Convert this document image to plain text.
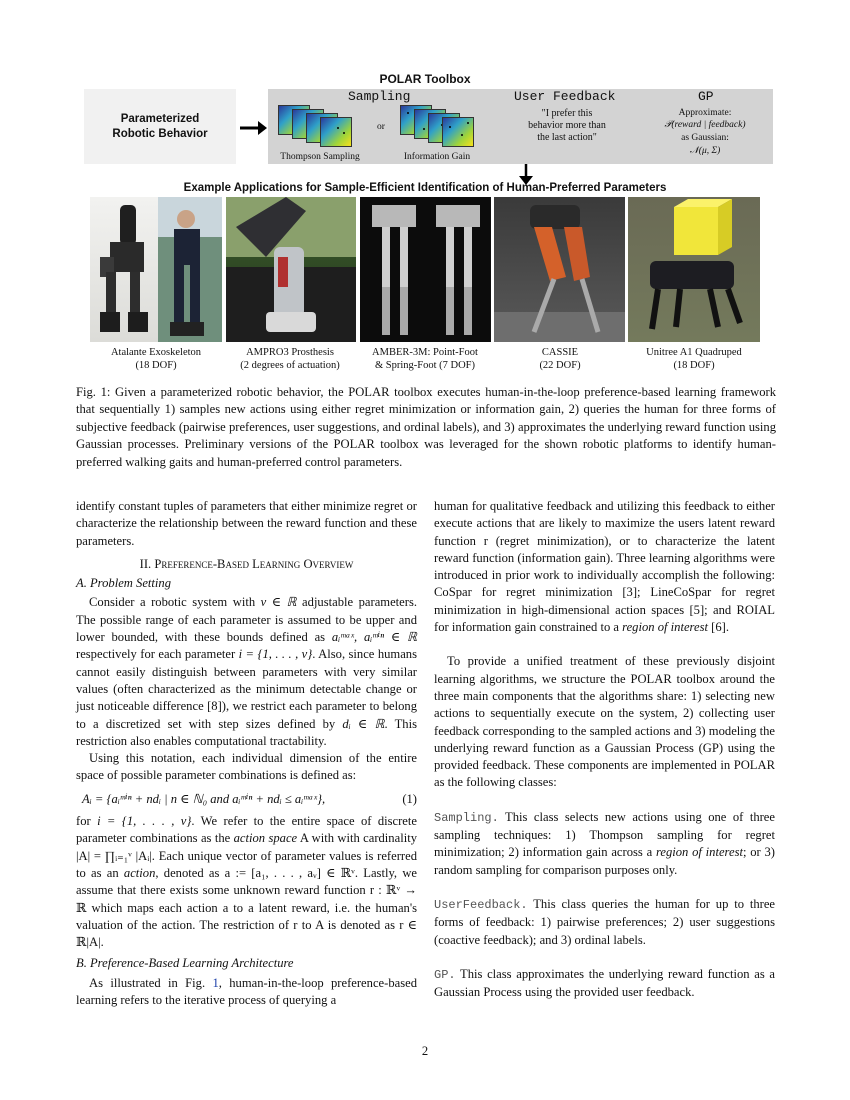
POLAR Toolbox
Parameterized Robotic Behavior
Sampling
or
Thompson Sampling	Information Gain
User Feedback
"I prefer this behavior more than the last action"
GP
Approximate:
𝒫(reward | feedback)
as Gaussian:
𝒩(μ, Σ)
Example Applications for Sample-Efficient Identification of Human-Preferred Parameters
Atalante Exoskeleton
(18 DOF)
AMPRO3 Prosthesis
(2 degrees of actuation)
AMBER-3M: Point-Foot
& Spring-Foot (7 DOF)
CASSIE
(22 DOF)
Unitree A1 Quadruped
(18 DOF)
Fig. 1: Given a parameterized robotic behavior, the POLAR toolbox executes human-in-the-loop preference-based learning framework that sequentially 1) samples new actions using either regret minimization or information gain, 2) queries the human for three forms of subjective feedback (pairwise preferences, user suggestions, and ordinal labels), and 3) approximates the underlying reward function using Gaussian processes. Preliminary versions of the POLAR toolbox was leveraged for the shown robotic platforms to identify human-preferred walking gaits and human-preferred control parameters.

identify constant tuples of parameters that either minimize regret or characterize the relationship between the reward function and these parameters.

II. Preference-Based Learning Overview

A. Problem Setting

Consider a robotic system with v ∈ ℝ adjustable parameters. The possible range of each parameter is assumed to be upper and lower bounded, with these bounds defined as aᵢᵐᵃˣ, aᵢᵐⁱⁿ ∈ ℝ respectively for each parameter i = {1, . . . , v}. Also, since humans cannot easily distinguish between parameters with very similar values (often characterized as the minimum detectable change or just noticeable difference [8]), we restrict each parameter to belong to a discretized set with step sizes defined by dᵢ ∈ ℝ. This restriction also enables computational tractability.

Using this notation, each individual dimension of the entire space of possible parameter combinations is defined as:

Aᵢ = {aᵢᵐⁱⁿ + ndᵢ | n ∈ ℕ₀ and aᵢᵐⁱⁿ + ndᵢ ≤ aᵢᵐᵃˣ},	(1)

for i = {1, . . . , v}. We refer to the entire space of discrete parameter combinations as the action space A with with cardinality |A| = ∏ᵢ₌₁ᵛ |Aᵢ|. Each unique vector of parameter values is referred to as an action, denoted as a := [a₁, . . . , aᵥ] ∈ ℝᵛ. Lastly, we assume that there exists some unknown reward function r : ℝᵛ → ℝ which maps each action a to a latent reward, i.e. the human's valuation of the action. The restriction of r to A is denoted as r ∈ ℝ|A|.

B. Preference-Based Learning Architecture

As illustrated in Fig. 1, human-in-the-loop preference-based learning refers to the iterative process of querying a

human for qualitative feedback and utilizing this feedback to either execute actions that are likely to maximize the users latent reward function r (regret minimization), or to characterize the latent reward function (information gain). Three learning algorithms were introduced in prior work to individually accomplish the following: CoSpar for regret minimization [3]; LineCoSpar for regret minimization in high-dimensional action spaces [5]; and ROIAL for information gain constrained to a region of interest [6].

To provide a unified treatment of these previously disjoint learning algorithms, we structure the POLAR toolbox around the three main components that the algorithms share: 1) selecting new actions to sequentially execute on the system, 2) collecting user feedback corresponding to the sampled actions and 3) modeling the underlying reward function as a Gaussian Process (GP) using the provided feedback. These components are implemented in POLAR as the following classes:

Sampling. This class selects new actions using one of three sampling techniques: 1) Thompson sampling for regret minimization; 2) information gain across a region of interest; or 3) random sampling for comparison purposes only.

UserFeedback. This class queries the human for up to three forms of feedback: 1) pairwise preferences; 2) user suggestions (coactive feedback); and 3) ordinal labels.

GP. This class approximates the underlying reward function as a Gaussian Process using the provided user feedback.

2
